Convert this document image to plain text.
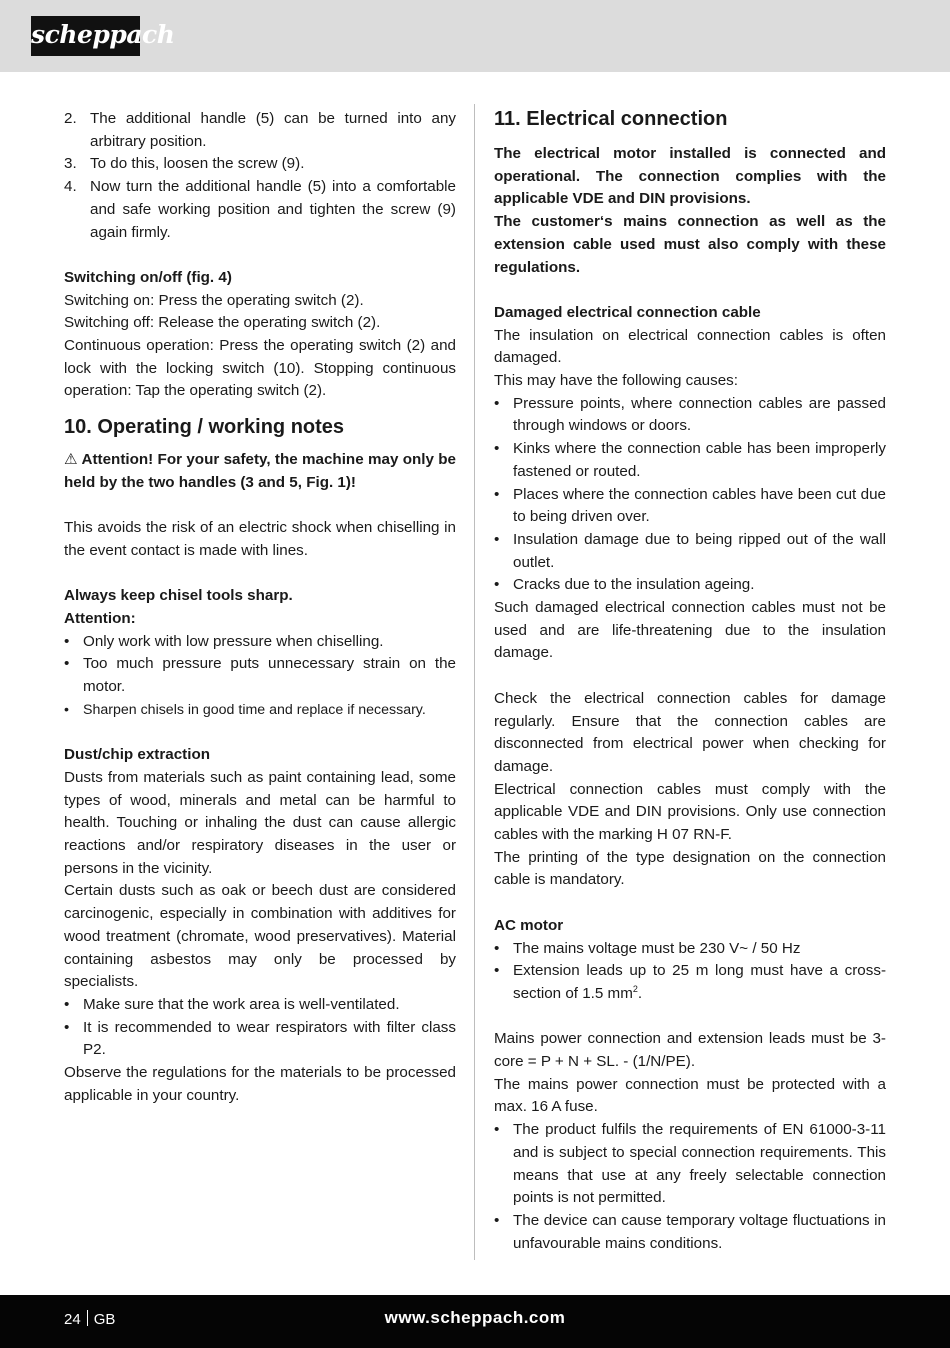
scheppach
2. The additional handle (5) can be turned into any arbitrary position.
3. To do this, loosen the screw (9).
4. Now turn the additional handle (5) into a comfortable and safe working position and tighten the screw (9) again firmly.

Switching on/off (fig. 4)

Switching on: Press the operating switch (2).

Switching off: Release the operating switch (2).

Continuous operation: Press the operating switch (2) and lock with the locking switch (10). Stopping continuous operation: Tap the operating switch (2).

10. Operating / working notes

⚠ Attention! For your safety, the machine may only be held by the two handles (3 and 5, Fig. 1)!

This avoids the risk of an electric shock when chiselling in the event contact is made with lines.

Always keep chisel tools sharp.

Attention:

• Only work with low pressure when chiselling.
• Too much pressure puts unnecessary strain on the motor.
• Sharpen chisels in good time and replace if necessary.

Dust/chip extraction

Dusts from materials such as paint containing lead, some types of wood, minerals and metal can be harmful to health. Touching or inhaling the dust can cause allergic reactions and/or respiratory diseases in the user or persons in the vicinity.

Certain dusts such as oak or beech dust are considered carcinogenic, especially in combination with additives for wood treatment (chromate, wood preservatives). Material containing asbestos may only be processed by specialists.

• Make sure that the work area is well-ventilated.
• It is recommended to wear respirators with filter class P2.

Observe the regulations for the materials to be processed applicable in your country.

11. Electrical connection

The electrical motor installed is connected and operational. The connection complies with the applicable VDE and DIN provisions.

The customer‘s mains connection as well as the extension cable used must also comply with these regulations.

Damaged electrical connection cable

The insulation on electrical connection cables is often damaged.

This may have the following causes:

• Pressure points, where connection cables are passed through windows or doors.
• Kinks where the connection cable has been improperly fastened or routed.
• Places where the connection cables have been cut due to being driven over.
• Insulation damage due to being ripped out of the wall outlet.
• Cracks due to the insulation ageing.

Such damaged electrical connection cables must not be used and are life-threatening due to the insulation damage.

Check the electrical connection cables for damage regularly. Ensure that the connection cables are disconnected from electrical power when checking for damage.

Electrical connection cables must comply with the applicable VDE and DIN provisions. Only use connection cables with the marking H 07 RN-F.

The printing of the type designation on the connection cable is mandatory.

AC motor

• The mains voltage must be 230 V~ / 50 Hz
• Extension leads up to 25 m long must have a cross-section of 1.5 $mm^2$.

Mains power connection and extension leads must be 3-core = P + N + SL. - (1/N/PE).

The mains power connection must be protected with a max. 16 A fuse.

• The product fulfils the requirements of EN 61000-3-11 and is subject to special connection requirements. This means that use at any freely selectable connection points is not permitted.
• The device can cause temporary voltage fluctuations in unfavourable mains conditions.
24 GB	www.scheppach.com
